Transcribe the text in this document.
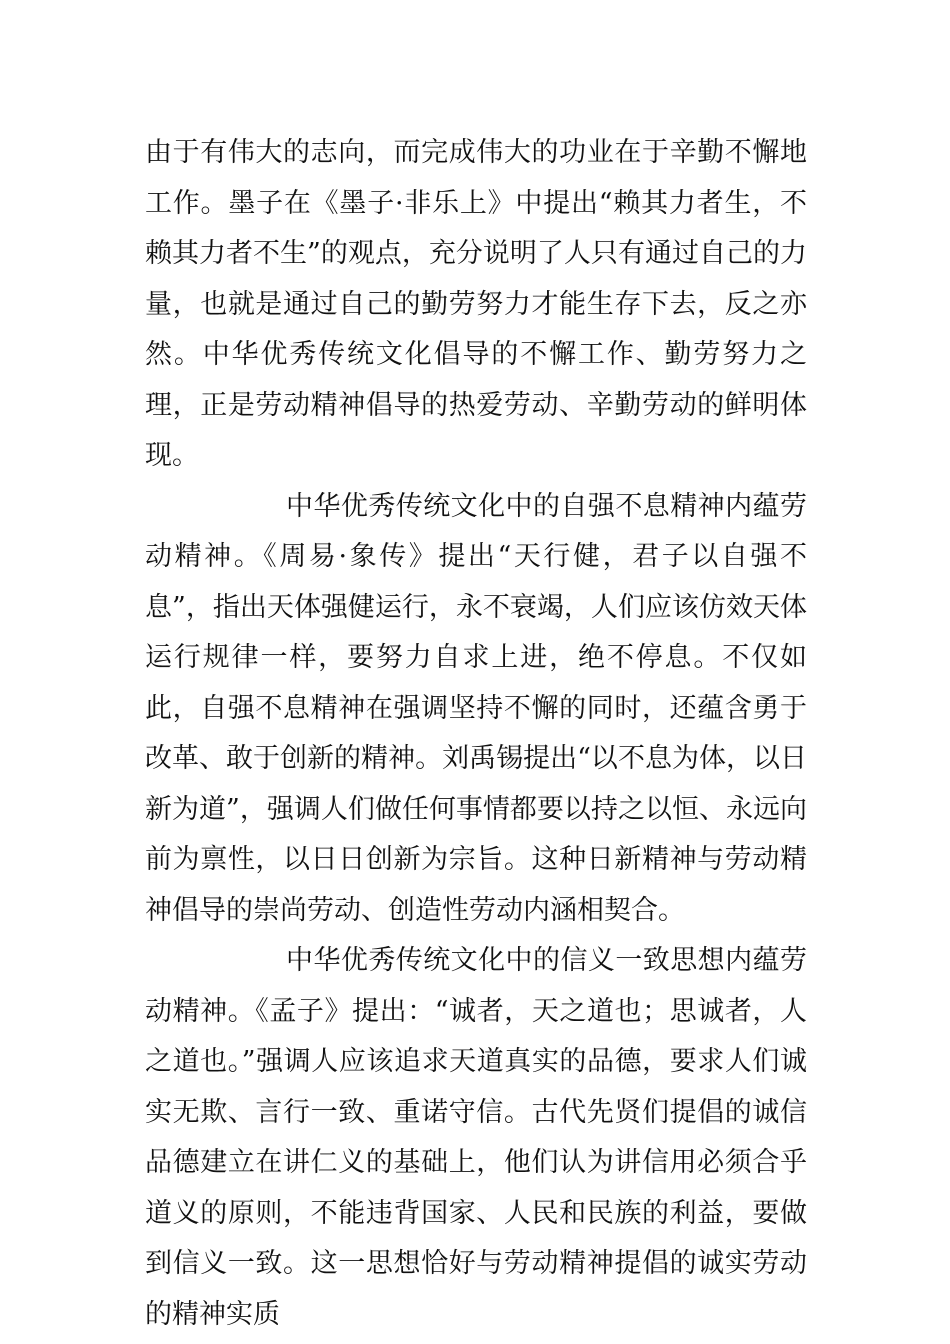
由于有伟大的志向，而完成伟大的功业在于辛勤不懈地工作。墨子在《墨子·非乐上》中提出“赖其力者生，不赖其力者不生”的观点，充分说明了人只有通过自己的力量，也就是通过自己的勤劳努力才能生存下去，反之亦然。中华优秀传统文化倡导的不懈工作、勤劳努力之理，正是劳动精神倡导的热爱劳动、辛勤劳动的鲜明体现。

中华优秀传统文化中的自强不息精神内蕴劳动精神。《周易·象传》提出“天行健，君子以自强不息”，指出天体强健运行，永不衰竭，人们应该仿效天体运行规律一样，要努力自求上进，绝不停息。不仅如此，自强不息精神在强调坚持不懈的同时，还蕴含勇于改革、敢于创新的精神。刘禹锡提出“以不息为体，以日新为道”，强调人们做任何事情都要以持之以恒、永远向前为禀性，以日日创新为宗旨。这种日新精神与劳动精神倡导的崇尚劳动、创造性劳动内涵相契合。

中华优秀传统文化中的信义一致思想内蕴劳动精神。《孟子》提出：“诚者，天之道也；思诚者，人之道也。”强调人应该追求天道真实的品德，要求人们诚实无欺、言行一致、重诺守信。古代先贤们提倡的诚信品德建立在讲仁义的基础上，他们认为讲信用必须合乎道义的原则，不能违背国家、人民和民族的利益，要做到信义一致。这一思想恰好与劳动精神提倡的诚实劳动的精神实质
